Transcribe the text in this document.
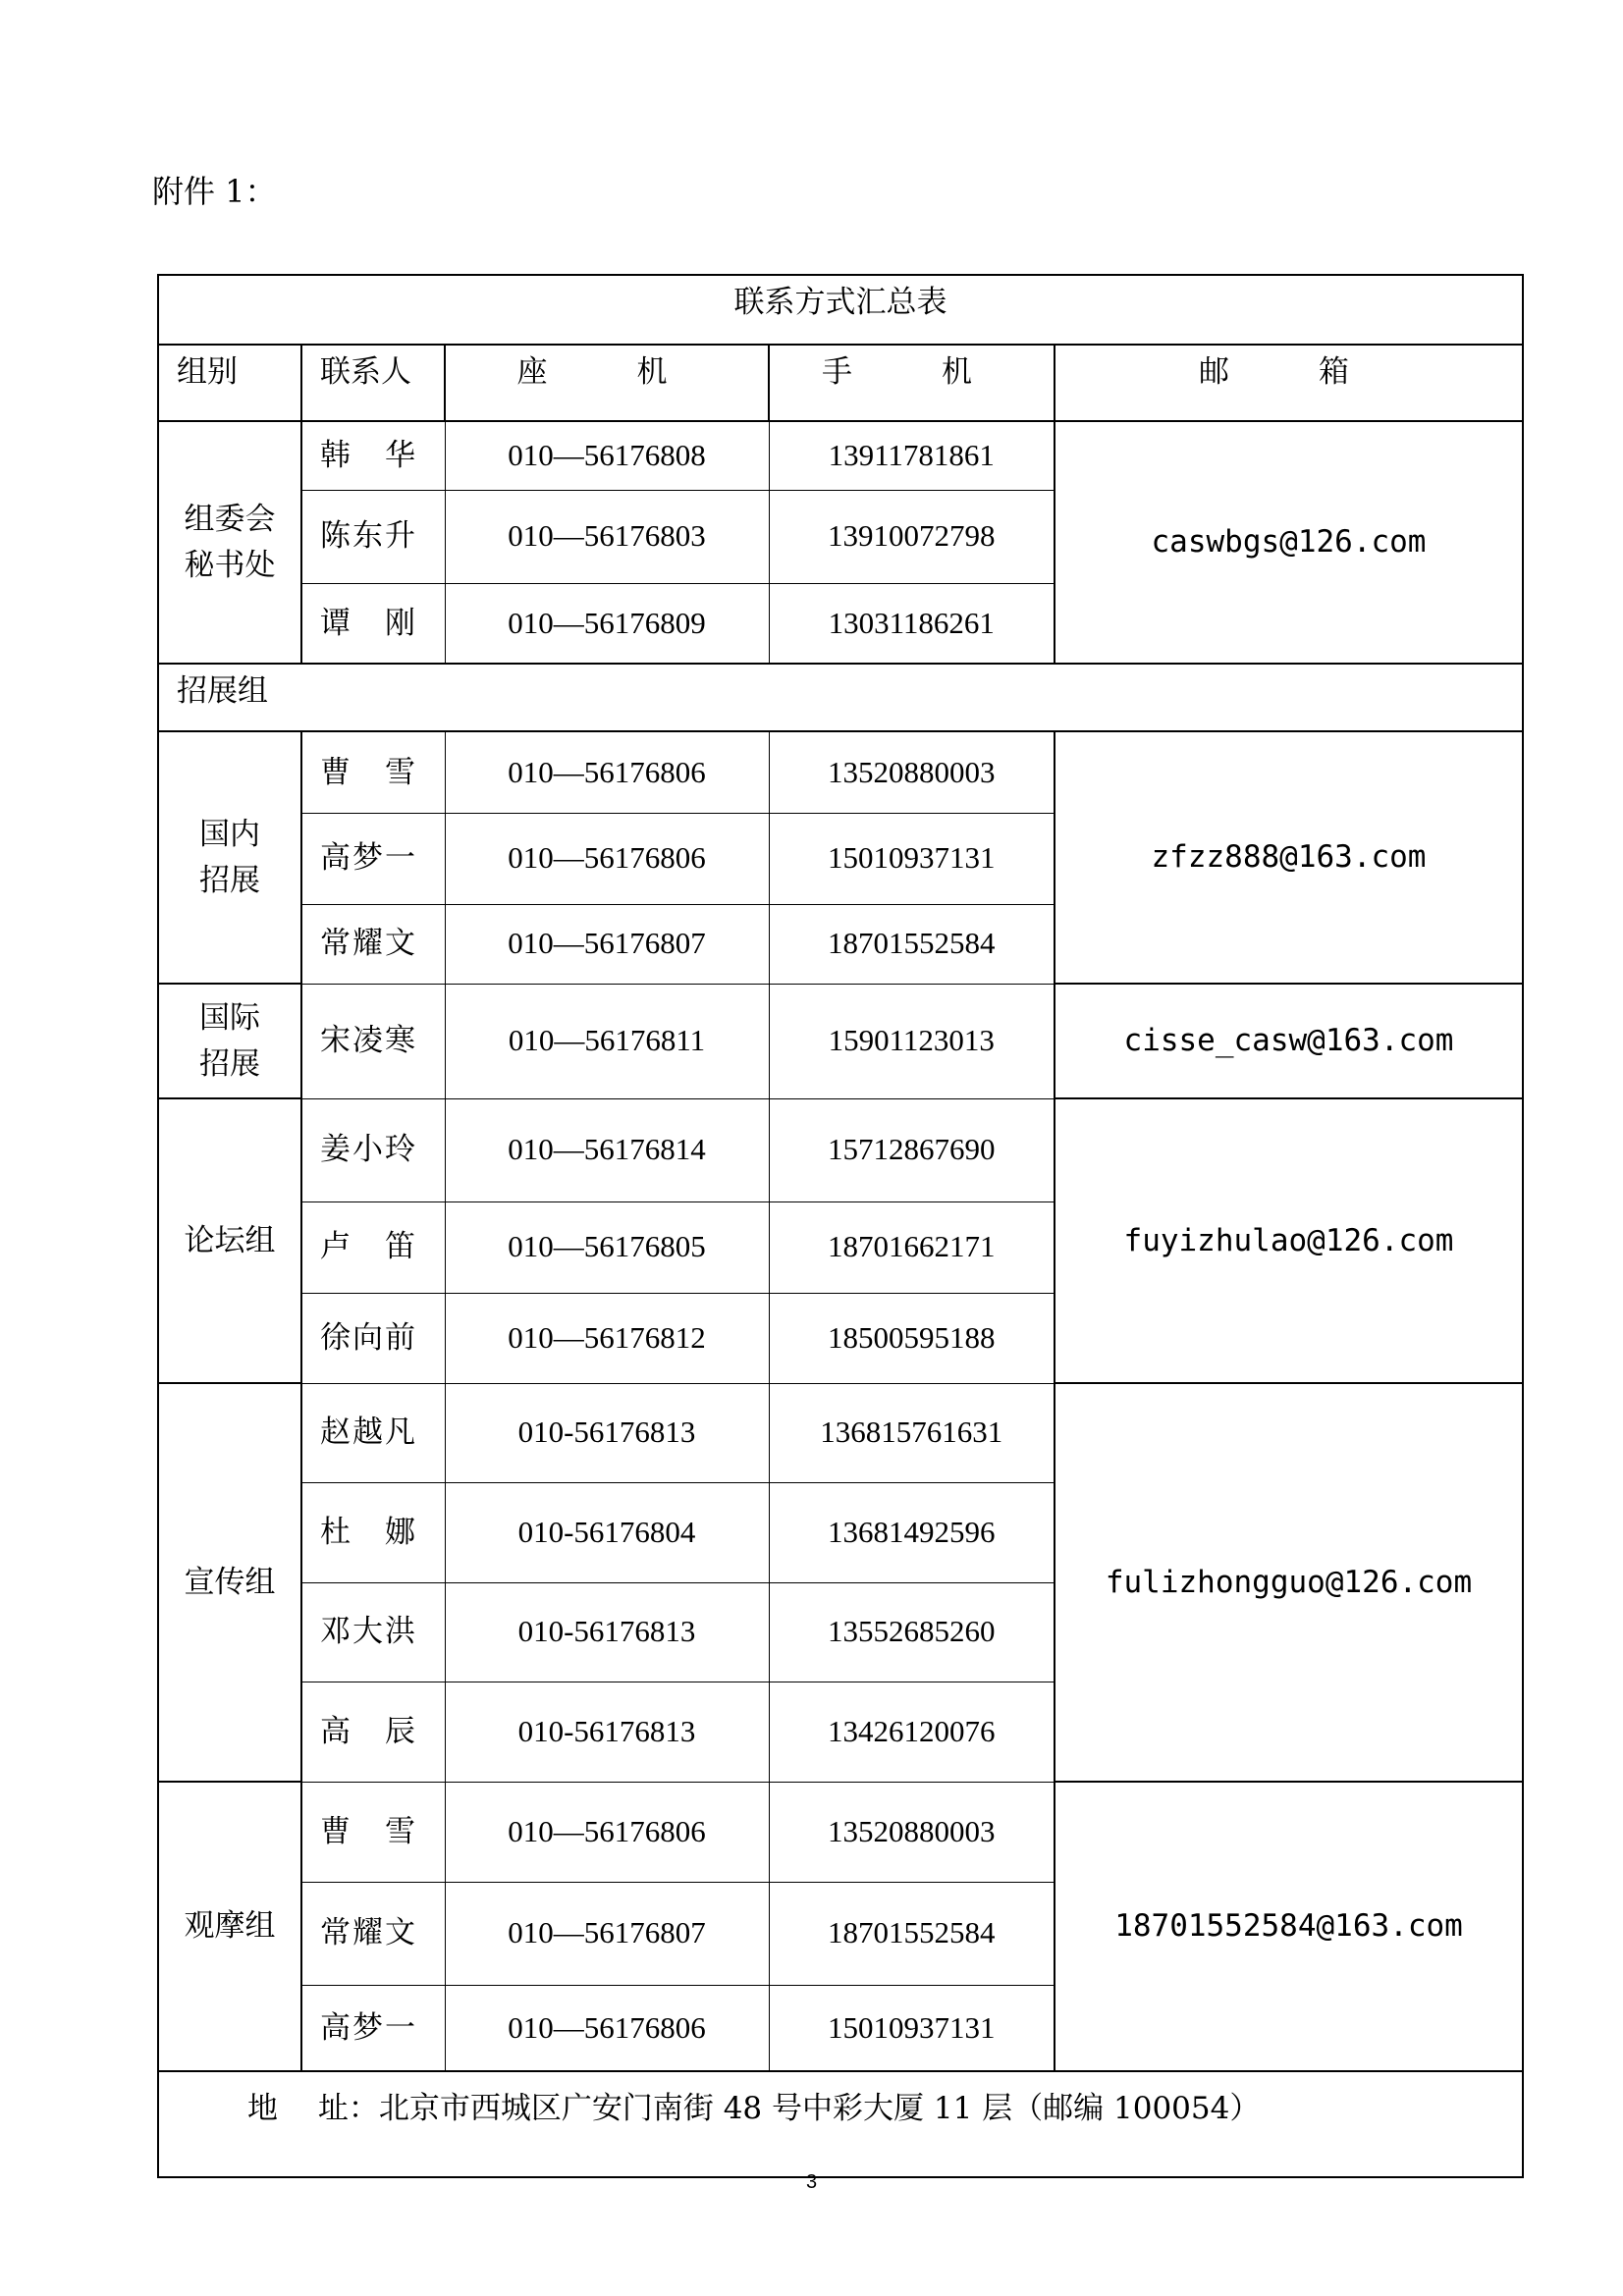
附件 1：
联系方式汇总表				
组别	联系人	座　机	手　机	邮　箱

组委会
秘书处	韩　华	010—56176808	13911781861	caswbgs@126.com
	陈东升	010—56176803	13910072798	
	谭　刚	010—56176809	13031186261	
招展组				

国内
招展	曹　雪	010—56176806	13520880003	zfzz888@163.com
	高梦一	010—56176806	15010937131	
	常耀文	010—56176807	18701552584	

国际
招展	宋凌寒	010—56176811	15901123013	cisse_casw@163.com
论坛组	姜小玲	010—56176814	15712867690	fuyizhulao@126.com
	卢　笛	010—56176805	18701662171	
	徐向前	010—56176812	18500595188	
宣传组	赵越凡	010-56176813	136815761631	fulizhongguo@126.com
	杜　娜	010-56176804	13681492596	
	邓大洪	010-56176813	13552685260	
	高　辰	010-56176813	13426120076	
观摩组	曹　雪	010—56176806	13520880003	18701552584@163.com
	常耀文	010—56176807	18701552584	
	高梦一	010—56176806	15010937131	
地　 址：北京市西城区广安门南街 48 号中彩大厦 11 层（邮编 100054）				
3
